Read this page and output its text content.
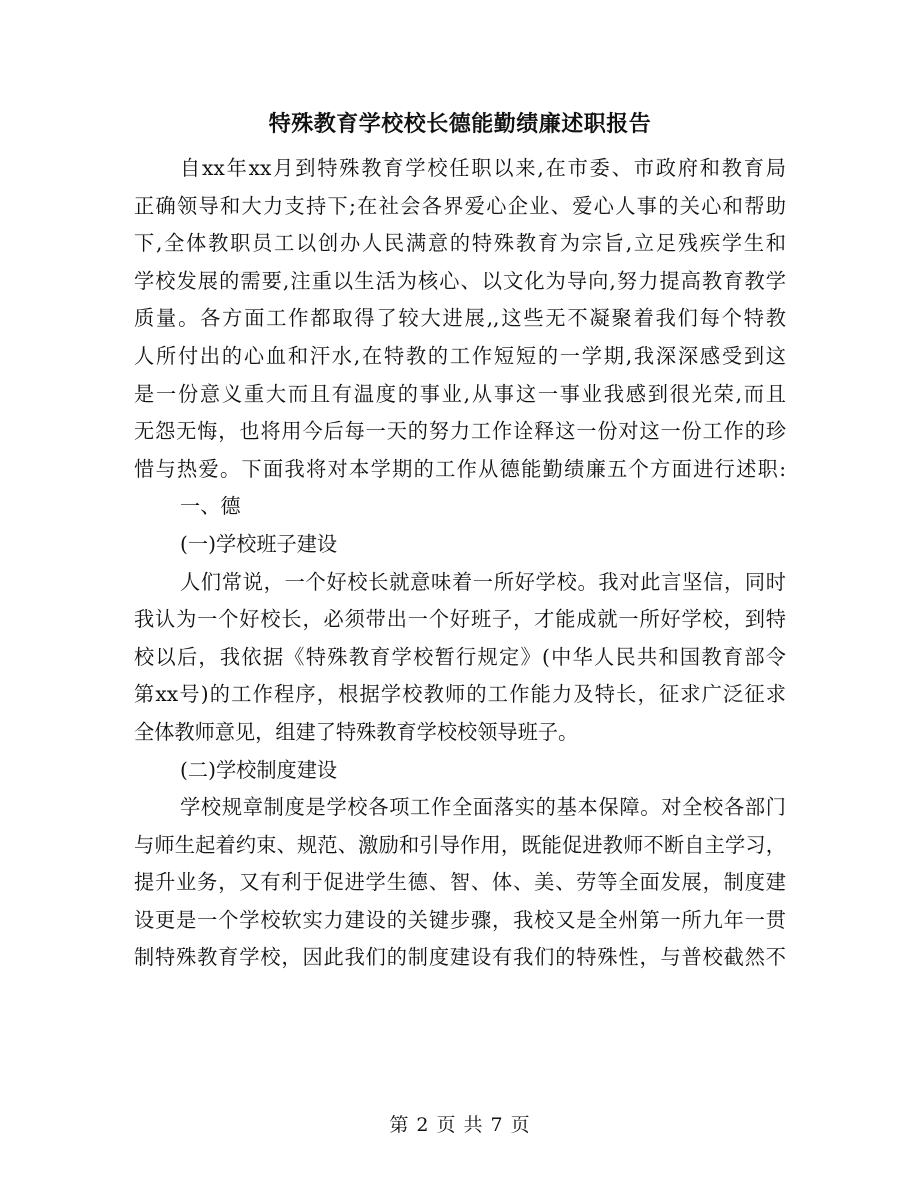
特殊教育学校校长德能勤绩廉述职报告
自xx年xx月到特殊教育学校任职以来,在市委、市政府和教育局
正确领导和大力支持下;在社会各界爱心企业、爱心人事的关心和帮助
下,全体教职员工以创办人民满意的特殊教育为宗旨,立足残疾学生和
学校发展的需要,注重以生活为核心、以文化为导向,努力提高教育教学
质量。各方面工作都取得了较大进展,,这些无不凝聚着我们每个特教
人所付出的心血和汗水,在特教的工作短短的一学期,我深深感受到这
是一份意义重大而且有温度的事业,从事这一事业我感到很光荣,而且
无怨无悔，也将用今后每一天的努力工作诠释这一份对这一份工作的珍
惜与热爱。下面我将对本学期的工作从德能勤绩廉五个方面进行述职:
一、德
(一)学校班子建设
人们常说，一个好校长就意味着一所好学校。我对此言坚信，同时
我认为一个好校长，必须带出一个好班子，才能成就一所好学校，到特
校以后，我依据《特殊教育学校暂行规定》(中华人民共和国教育部令
第xx号)的工作程序，根据学校教师的工作能力及特长，征求广泛征求
全体教师意见，组建了特殊教育学校校领导班子。
(二)学校制度建设
学校规章制度是学校各项工作全面落实的基本保障。对全校各部门
与师生起着约束、规范、激励和引导作用，既能促进教师不断自主学习，
提升业务，又有利于促进学生德、智、体、美、劳等全面发展，制度建
设更是一个学校软实力建设的关键步骤，我校又是全州第一所九年一贯
制特殊教育学校，因此我们的制度建设有我们的特殊性，与普校截然不
第 2 页 共 7 页
